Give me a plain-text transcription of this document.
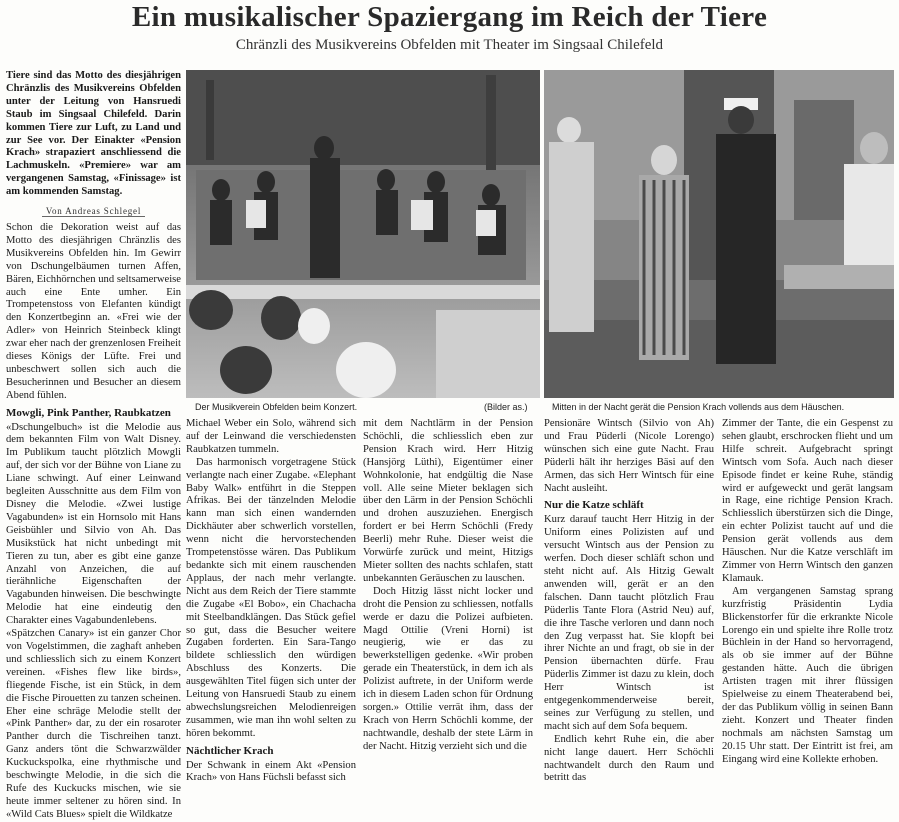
Ein musikalischer Spaziergang im Reich der Tiere
Chränzli des Musikvereins Obfelden mit Theater im Singsaal Chilefeld

Tiere sind das Motto des diesjährigen Chränzlis des Musikvereins Obfelden unter der Leitung von Hansruedi Staub im Singsaal Chilefeld. Darin kommen Tiere zur Luft, zu Land und zur See vor. Der Einakter «Pension Krach» strapaziert anschliessend die Lachmuskeln. «Premiere» war am vergangenen Samstag, «Finissage» ist am kommenden Samstag.

Von Andreas Schlegel

Schon die Dekoration weist auf das Motto des diesjährigen Chränzlis des Musikvereins Obfelden hin. Im Gewirr von Dschungelbäumen turnen Affen, Bären, Eichhörnchen und seltsamerweise auch eine Ente umher. Ein Trompetenstoss von Elefanten kündigt den Konzertbeginn an. «Frei wie der Adler» von Heinrich Steinbeck klingt zwar eher nach der grenzenlosen Freiheit dieses Königs der Lüfte. Frei und unbeschwert sollen sich auch die Besucherinnen und Besucher an diesem Abend fühlen.

Mowgli, Pink Panther, Raubkatzen

«Dschungelbuch» ist die Melodie aus dem bekannten Film von Walt Disney. Im Publikum taucht plötzlich Mowgli auf, der sich vor der Bühne von Liane zu Liane schwingt. Auf einer Leinwand begleiten Ausschnitte aus dem Film von Disney die Melodie. «Zwei lustige Vagabunden» ist ein Hornsolo mit Hans Geisbühler und Silvio von Ah. Das Musikstück hat nicht unbedingt mit Tieren zu tun, aber es gibt eine ganze Anzahl von Anzeichen, die auf tierähnliche Eigenschaften der Vagabunden hinweisen. Die beschwingte Melodie hat eine eindeutig den Charakter eines Vagabundenlebens.

«Spätzchen Canary» ist ein ganzer Chor von Vogelstimmen, die zaghaft anheben und schliesslich sich zu einem Konzert vereinen. «Fishes flew like birds», fliegende Fische, ist ein Stück, in dem die Fische Pirouetten zu tanzen scheinen. Eher eine schräge Melodie stellt der «Pink Panther» dar, zu der ein rosaroter Panther durch die Tischreihen tanzt. Ganz anders tönt die Schwarzwälder Kuckuckspolka, eine rhythmische und beschwingte Melodie, in die sich die Rufe des Kuckucks mischen, wie sie heute immer seltener zu hören sind. In «Wild Cats Blues» spielt die Wildkatze

Der Musikverein Obfelden beim Konzert.	(Bilder as.)	Mitten in der Nacht gerät die Pension Krach vollends aus dem Häuschen.

Michael Weber ein Solo, während sich auf der Leinwand die verschiedensten Raubkatzen tummeln.

Das harmonisch vorgetragene Stück verlangte nach einer Zugabe. «Elephant Baby Walk» entführt in die Steppen Afrikas. Bei der tänzelnden Melodie kann man sich einen wandernden Dickhäuter aber schwerlich vorstellen, wenn nicht die hervorstechenden Trompetenstösse wären. Das Publikum bedankte sich mit einem rauschenden Applaus, der nach mehr verlangte. Nicht aus dem Reich der Tiere stammte die Zugabe «El Bobo», ein Chachacha mit Steelbandklängen. Das Stück gefiel so gut, dass die Besucher weitere Zugaben forderten. Ein Sara-Tango bildete schliesslich den würdigen Abschluss des Konzerts. Die ausgewählten Titel fügen sich unter der Leitung von Hansruedi Staub zu einem abwechslungsreichen Melodienreigen zusammen, wie man ihn wohl selten zu hören bekommt.

Nächtlicher Krach

Der Schwank in einem Akt «Pension Krach» von Hans Füchsli befasst sich

mit dem Nachtlärm in der Pension Schöchli, die schliesslich eben zur Pension Krach wird. Herr Hitzig (Hansjörg Lüthi), Eigentümer einer Wohnkolonie, hat endgültig die Nase voll. Alle seine Mieter beklagen sich über den Lärm in der Pension Schöchli und drohen auszuziehen. Energisch fordert er bei Herrn Schöchli (Fredy Beerli) mehr Ruhe. Dieser weist die Vorwürfe zurück und meint, Hitzigs Mieter sollten des nachts schlafen, statt unbekannten Geräuschen zu lauschen.

Doch Hitzig lässt nicht locker und droht die Pension zu schliessen, notfalls werde er dazu die Polizei aufbieten. Magd Ottilie (Vreni Horni) ist neugierig, wie er das zu bewerkstelligen gedenke. «Wir proben gerade ein Theaterstück, in dem ich als Polizist auftrete, in der Uniform werde ich in diesem Laden schon für Ordnung sorgen.» Ottilie verrät ihm, dass der Krach von Herrn Schöchli komme, der nachtwandle, deshalb der stete Lärm in der Nacht. Hitzig verzieht sich und die

Pensionäre Wintsch (Silvio von Ah) und Frau Püderli (Nicole Lorengo) wünschen sich eine gute Nacht. Frau Püderli hält ihr herziges Bäsi auf den Armen, das sich Herr Wintsch für eine Nacht ausleiht.

Nur die Katze schläft

Kurz darauf taucht Herr Hitzig in der Uniform eines Polizisten auf und versucht Wintsch aus der Pension zu werfen. Doch dieser schläft schon und steht nicht auf. Als Hitzig Gewalt anwenden will, gerät er an den falschen. Dann taucht plötzlich Frau Püderlis Tante Flora (Astrid Neu) auf, die ihre Tasche verloren und dann noch den Zug verpasst hat. Sie klopft bei ihrer Nichte an und fragt, ob sie in der Pension übernachten dürfe. Frau Püderlis Zimmer ist dazu zu klein, doch Herr Wintsch ist entgegenkommenderweise bereit, seines zur Verfügung zu stellen, und macht sich auf dem Sofa bequem.

Endlich kehrt Ruhe ein, die aber nicht lange dauert. Herr Schöchli nachtwandelt durch den Raum und betritt das

Zimmer der Tante, die ein Gespenst zu sehen glaubt, erschrocken flieht und um Hilfe schreit. Aufgebracht springt Wintsch vom Sofa. Auch nach dieser Episode findet er keine Ruhe, ständig wird er aufgeweckt und gerät langsam in Rage, eine richtige Pension Krach. Schliesslich überstürzen sich die Dinge, ein echter Polizist taucht auf und die Pension gerät vollends aus dem Häuschen. Nur die Katze verschläft im Zimmer von Herrn Wintsch den ganzen Klamauk.

Am vergangenen Samstag sprang kurzfristig Präsidentin Lydia Blickenstorfer für die erkrankte Nicole Lorengo ein und spielte ihre Rolle trotz Büchlein in der Hand so hervorragend, als ob sie immer auf der Bühne gestanden hätte. Auch die übrigen Artisten tragen mit ihrer flüssigen Spielweise zu einem Theaterabend bei, der das Publikum völlig in seinen Bann zieht. Konzert und Theater finden nochmals am nächsten Samstag um 20.15 Uhr statt. Der Eintritt ist frei, am Eingang wird eine Kollekte erhoben.
